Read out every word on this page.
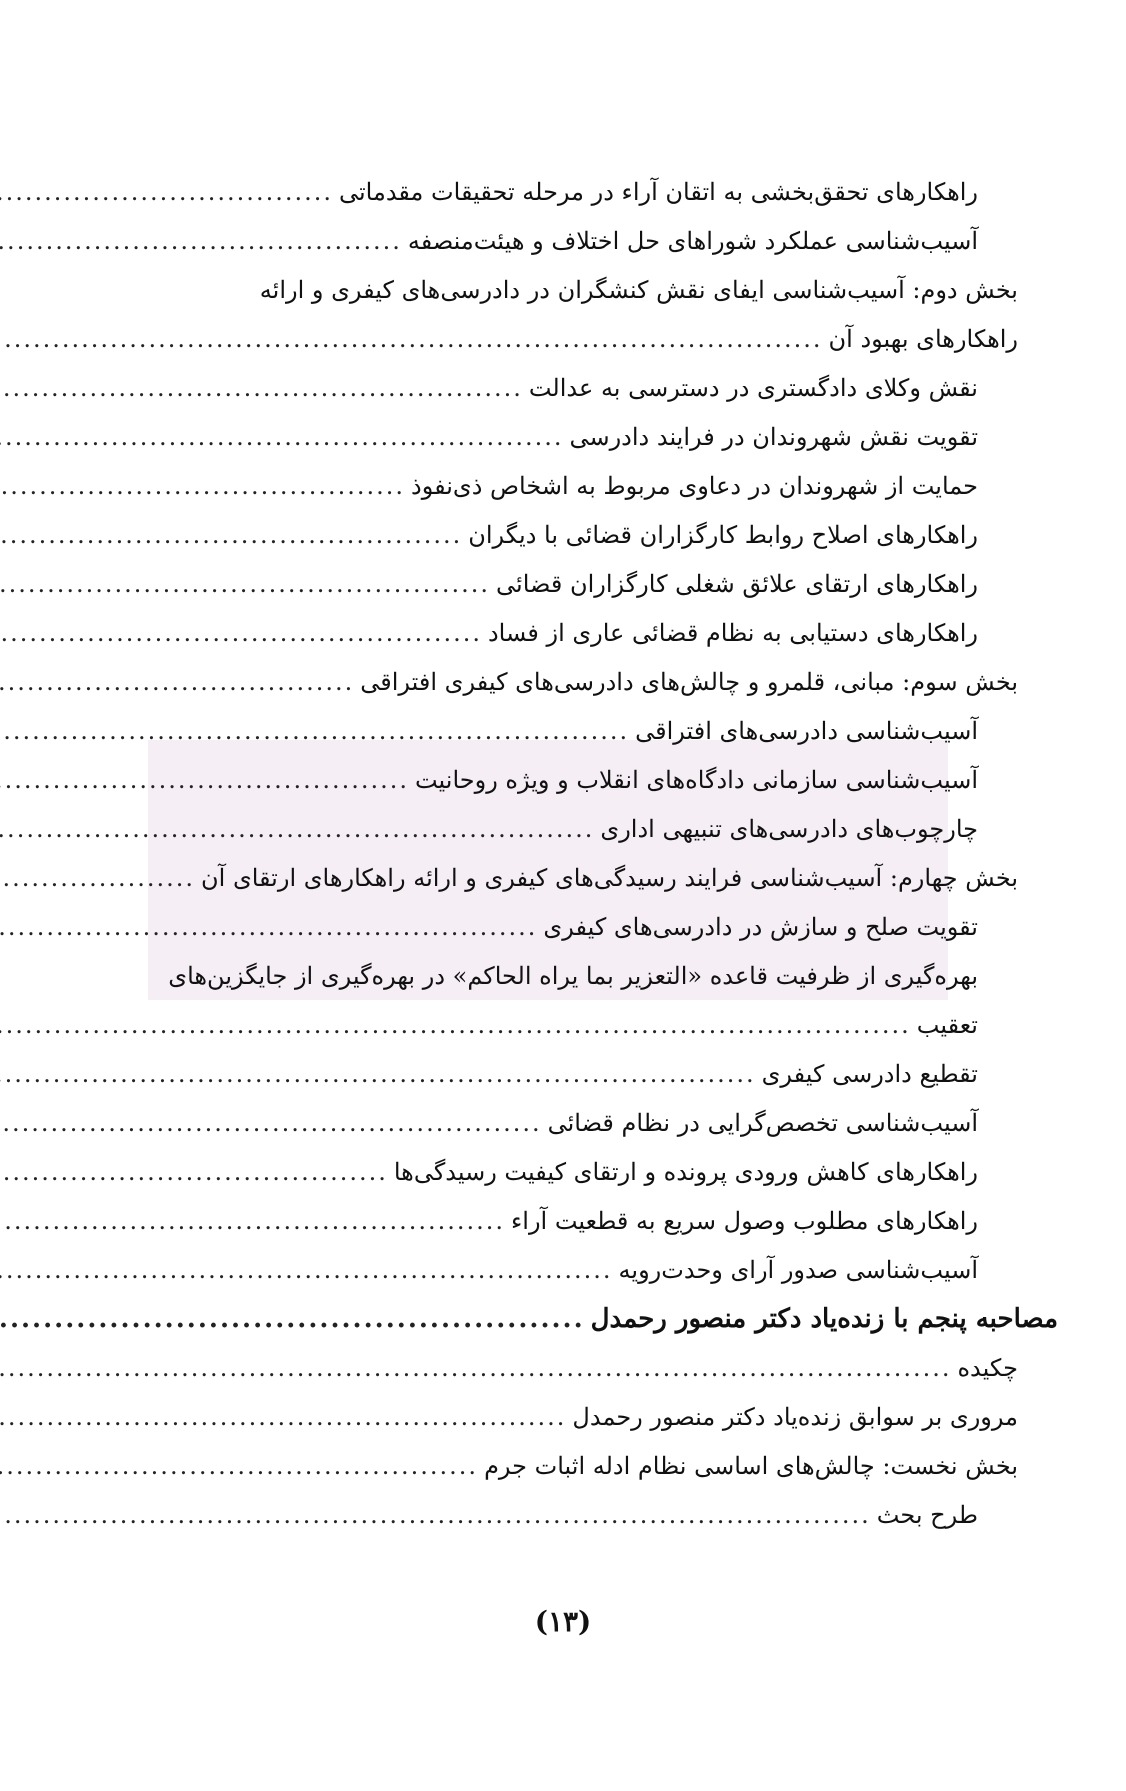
راهکارهای تحقق‌بخشی به اتقان آراء در مرحله تحقیقات مقدماتی
.....
آسیب‌شناسی عملکرد شوراهای حل اختلاف و هیئت‌منصفه
.....
بخش دوم: آسیب‌شناسی ایفای نقش کنشگران در دادرسی‌های کیفری و ارائه
راهکارهای بهبود آن
.....
نقش وکلای دادگستری در دسترسی به عدالت
.....
تقویت نقش شهروندان در فرایند دادرسی
.....
حمایت از شهروندان در دعاوی مربوط به اشخاص ذی‌نفوذ
.....
راهکارهای اصلاح روابط کارگزاران قضائی با دیگران
.....
راهکارهای ارتقای علائق شغلی کارگزاران قضائی
.....
راهکارهای دستیابی به نظام قضائی عاری از فساد
.....
بخش سوم: مبانی، قلمرو و چالش‌های دادرسی‌های کیفری افتراقی
.....
آسیب‌شناسی دادرسی‌های افتراقی
.....
آسیب‌شناسی سازمانی دادگاه‌های انقلاب و ویژه روحانیت
.....
چارچوب‌های دادرسی‌های تنبیهی اداری
.....
بخش چهارم: آسیب‌شناسی فرایند رسیدگی‌های کیفری و ارائه راهکارهای ارتقای آن
.....
تقویت صلح و سازش در دادرسی‌های کیفری
.....
بهره‌گیری از ظرفیت قاعده «التعزیر بما یراه الحاکم» در بهره‌گیری از جایگزین‌های
تعقیب
.....
تقطیع دادرسی کیفری
.....
آسیب‌شناسی تخصص‌گرایی در نظام قضائی
.....
راهکارهای کاهش ورودی پرونده و ارتقای کیفیت رسیدگی‌ها
.....
راهکارهای مطلوب وصول سریع به قطعیت آراء
.....
آسیب‌شناسی صدور آرای وحدت‌رویه
.....
مصاحبه پنجم با زنده‌یاد دکتر منصور رحمدل
.....
چکیده
.....
مروری بر سوابق زنده‌یاد دکتر منصور رحمدل
.....
بخش نخست: چالش‌های اساسی نظام ادله اثبات جرم
.....
طرح بحث
.....
(۱۳)
